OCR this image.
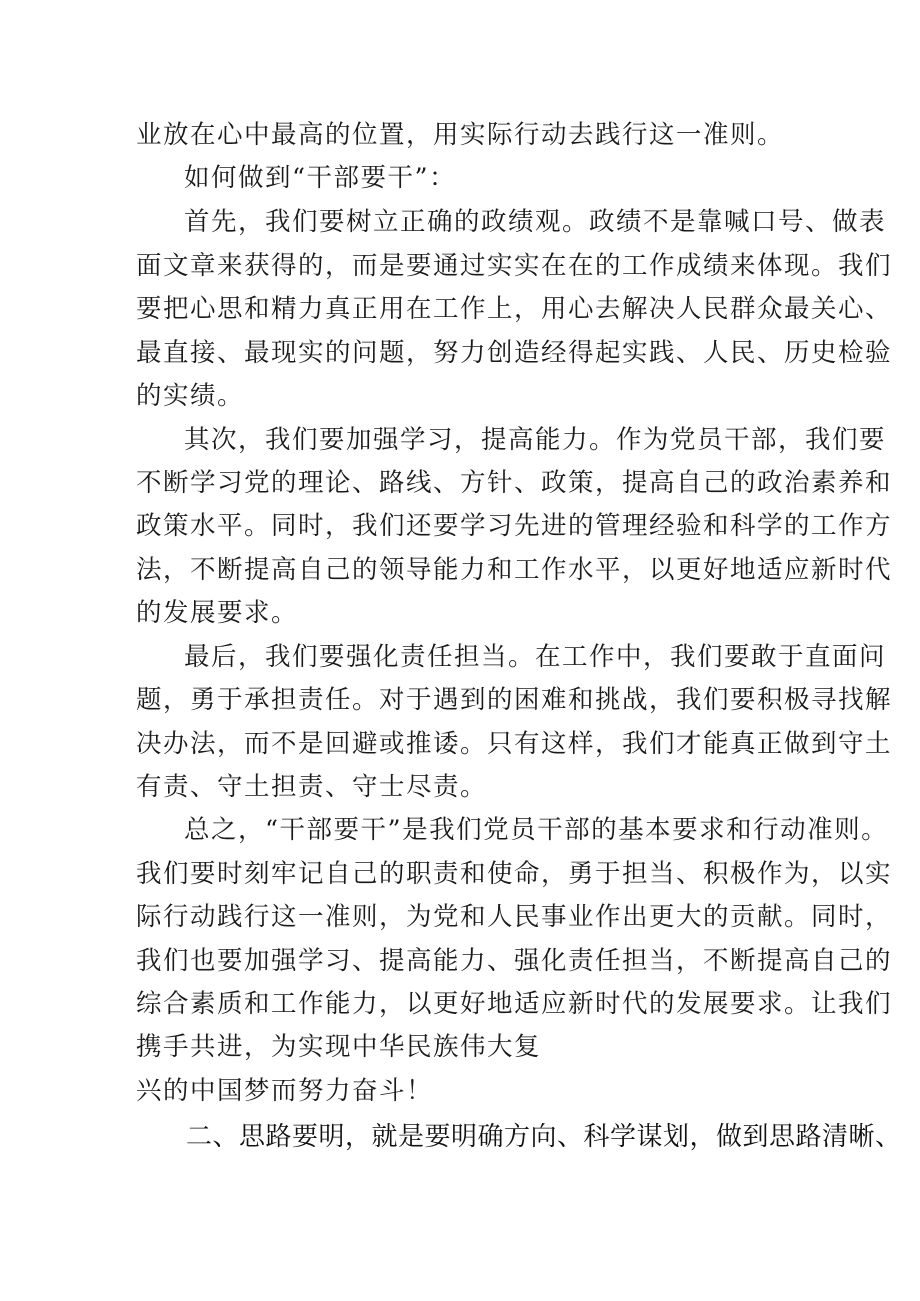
业放在心中最高的位置，用实际行动去践行这一准则。
如何做到“干部要干”：
首先，我们要树立正确的政绩观。政绩不是靠喊口号、做表
面文章来获得的，而是要通过实实在在的工作成绩来体现。我们
要把心思和精力真正用在工作上，用心去解决人民群众最关心、
最直接、最现实的问题，努力创造经得起实践、人民、历史检验
的实绩。
其次，我们要加强学习，提高能力。作为党员干部，我们要
不断学习党的理论、路线、方针、政策，提高自己的政治素养和
政策水平。同时，我们还要学习先进的管理经验和科学的工作方
法，不断提高自己的领导能力和工作水平，以更好地适应新时代
的发展要求。
最后，我们要强化责任担当。在工作中，我们要敢于直面问
题，勇于承担责任。对于遇到的困难和挑战，我们要积极寻找解
决办法，而不是回避或推诿。只有这样，我们才能真正做到守土
有责、守土担责、守士尽责。
总之，“干部要干”是我们党员干部的基本要求和行动准则。
我们要时刻牢记自己的职责和使命，勇于担当、积极作为，以实
际行动践行这一准则，为党和人民事业作出更大的贡献。同时，
我们也要加强学习、提高能力、强化责任担当，不断提高自己的
综合素质和工作能力，以更好地适应新时代的发展要求。让我们
携手共进，为实现中华民族伟大复
兴的中国梦而努力奋斗！
二、思路要明，就是要明确方向、科学谋划，做到思路清晰、
